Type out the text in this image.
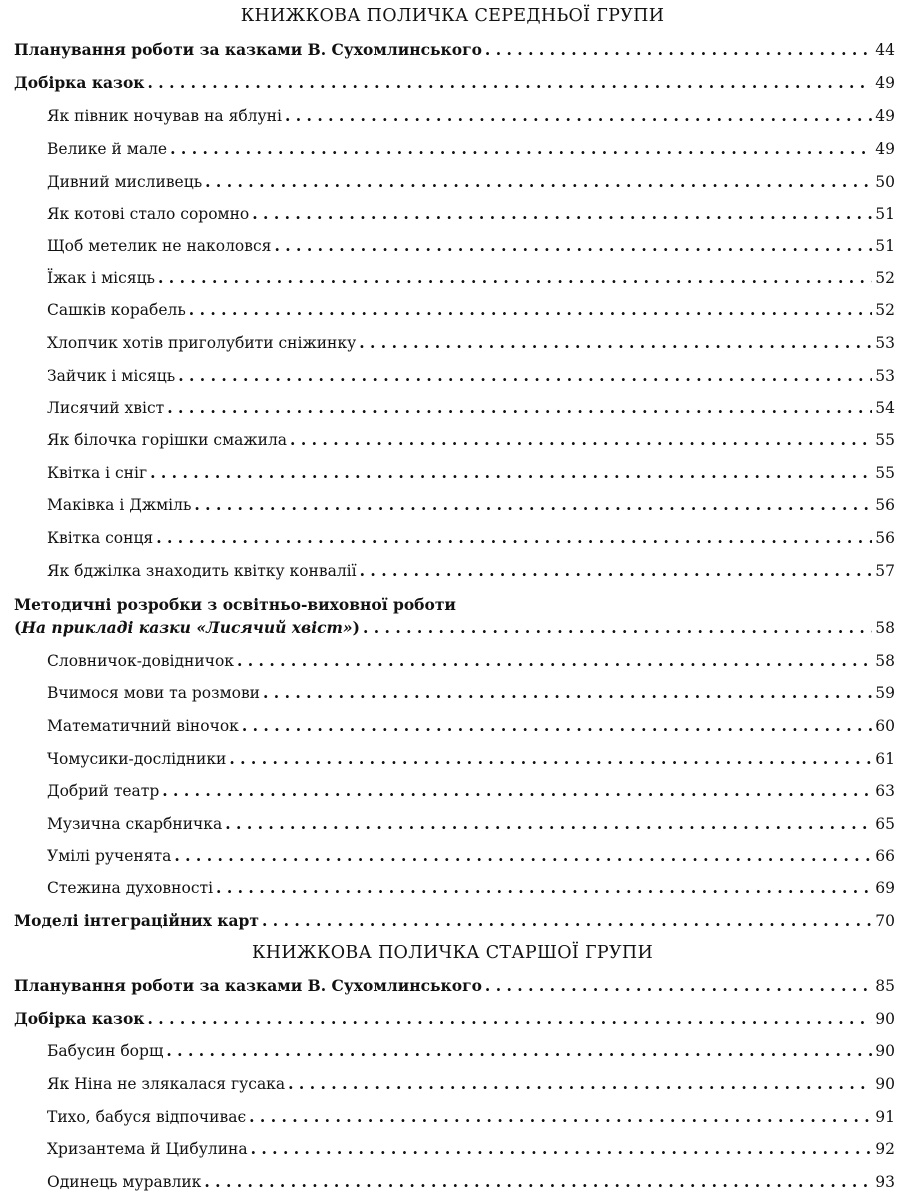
КНИЖКОВА ПОЛИЧКА СЕРЕДНЬОЇ ГРУПИ
Планування роботи за казками В. Сухомлинського . . .	44
Добірка казок . . .	49
Як півник ночував на яблуні . . .	49
Велике й мале . . .	49
Дивний мисливець . . .	50
Як котові стало соромно . . .	51
Щоб метелик не наколовся . . .	51
Їжак і місяць . . .	52
Сашків корабель . . .	52
Хлопчик хотів приголубити сніжинку . . .	53
Зайчик і місяць . . .	53
Лисячий хвіст . . .	54
Як білочка горішки смажила . . .	55
Квітка і сніг . . .	55
Маківка і Джміль . . .	56
Квітка сонця . . .	56
Як бджілка знаходить квітку конвалії . . .	57
Методичні розробки з освітньо-виховної роботи
(На прикладі казки «Лисячий хвіст») . . .	58
Словничок-довідничок . . .	58
Вчимося мови та розмови . . .	59
Математичний віночок . . .	60
Чомусики-дослідники . . .	61
Добрий театр . . .	63
Музична скарбничка . . .	65
Умілі рученята . . .	66
Стежина духовності . . .	69
Моделі інтеграційних карт . . .	70
КНИЖКОВА ПОЛИЧКА СТАРШОЇ ГРУПИ
Планування роботи за казками В. Сухомлинського . . .	85
Добірка казок . . .	90
Бабусин борщ . . .	90
Як Ніна не злякалася гусака . . .	90
Тихо, бабуся відпочиває . . .	91
Хризантема й Цибулина . . .	92
Одинець муравлик . . .	93
